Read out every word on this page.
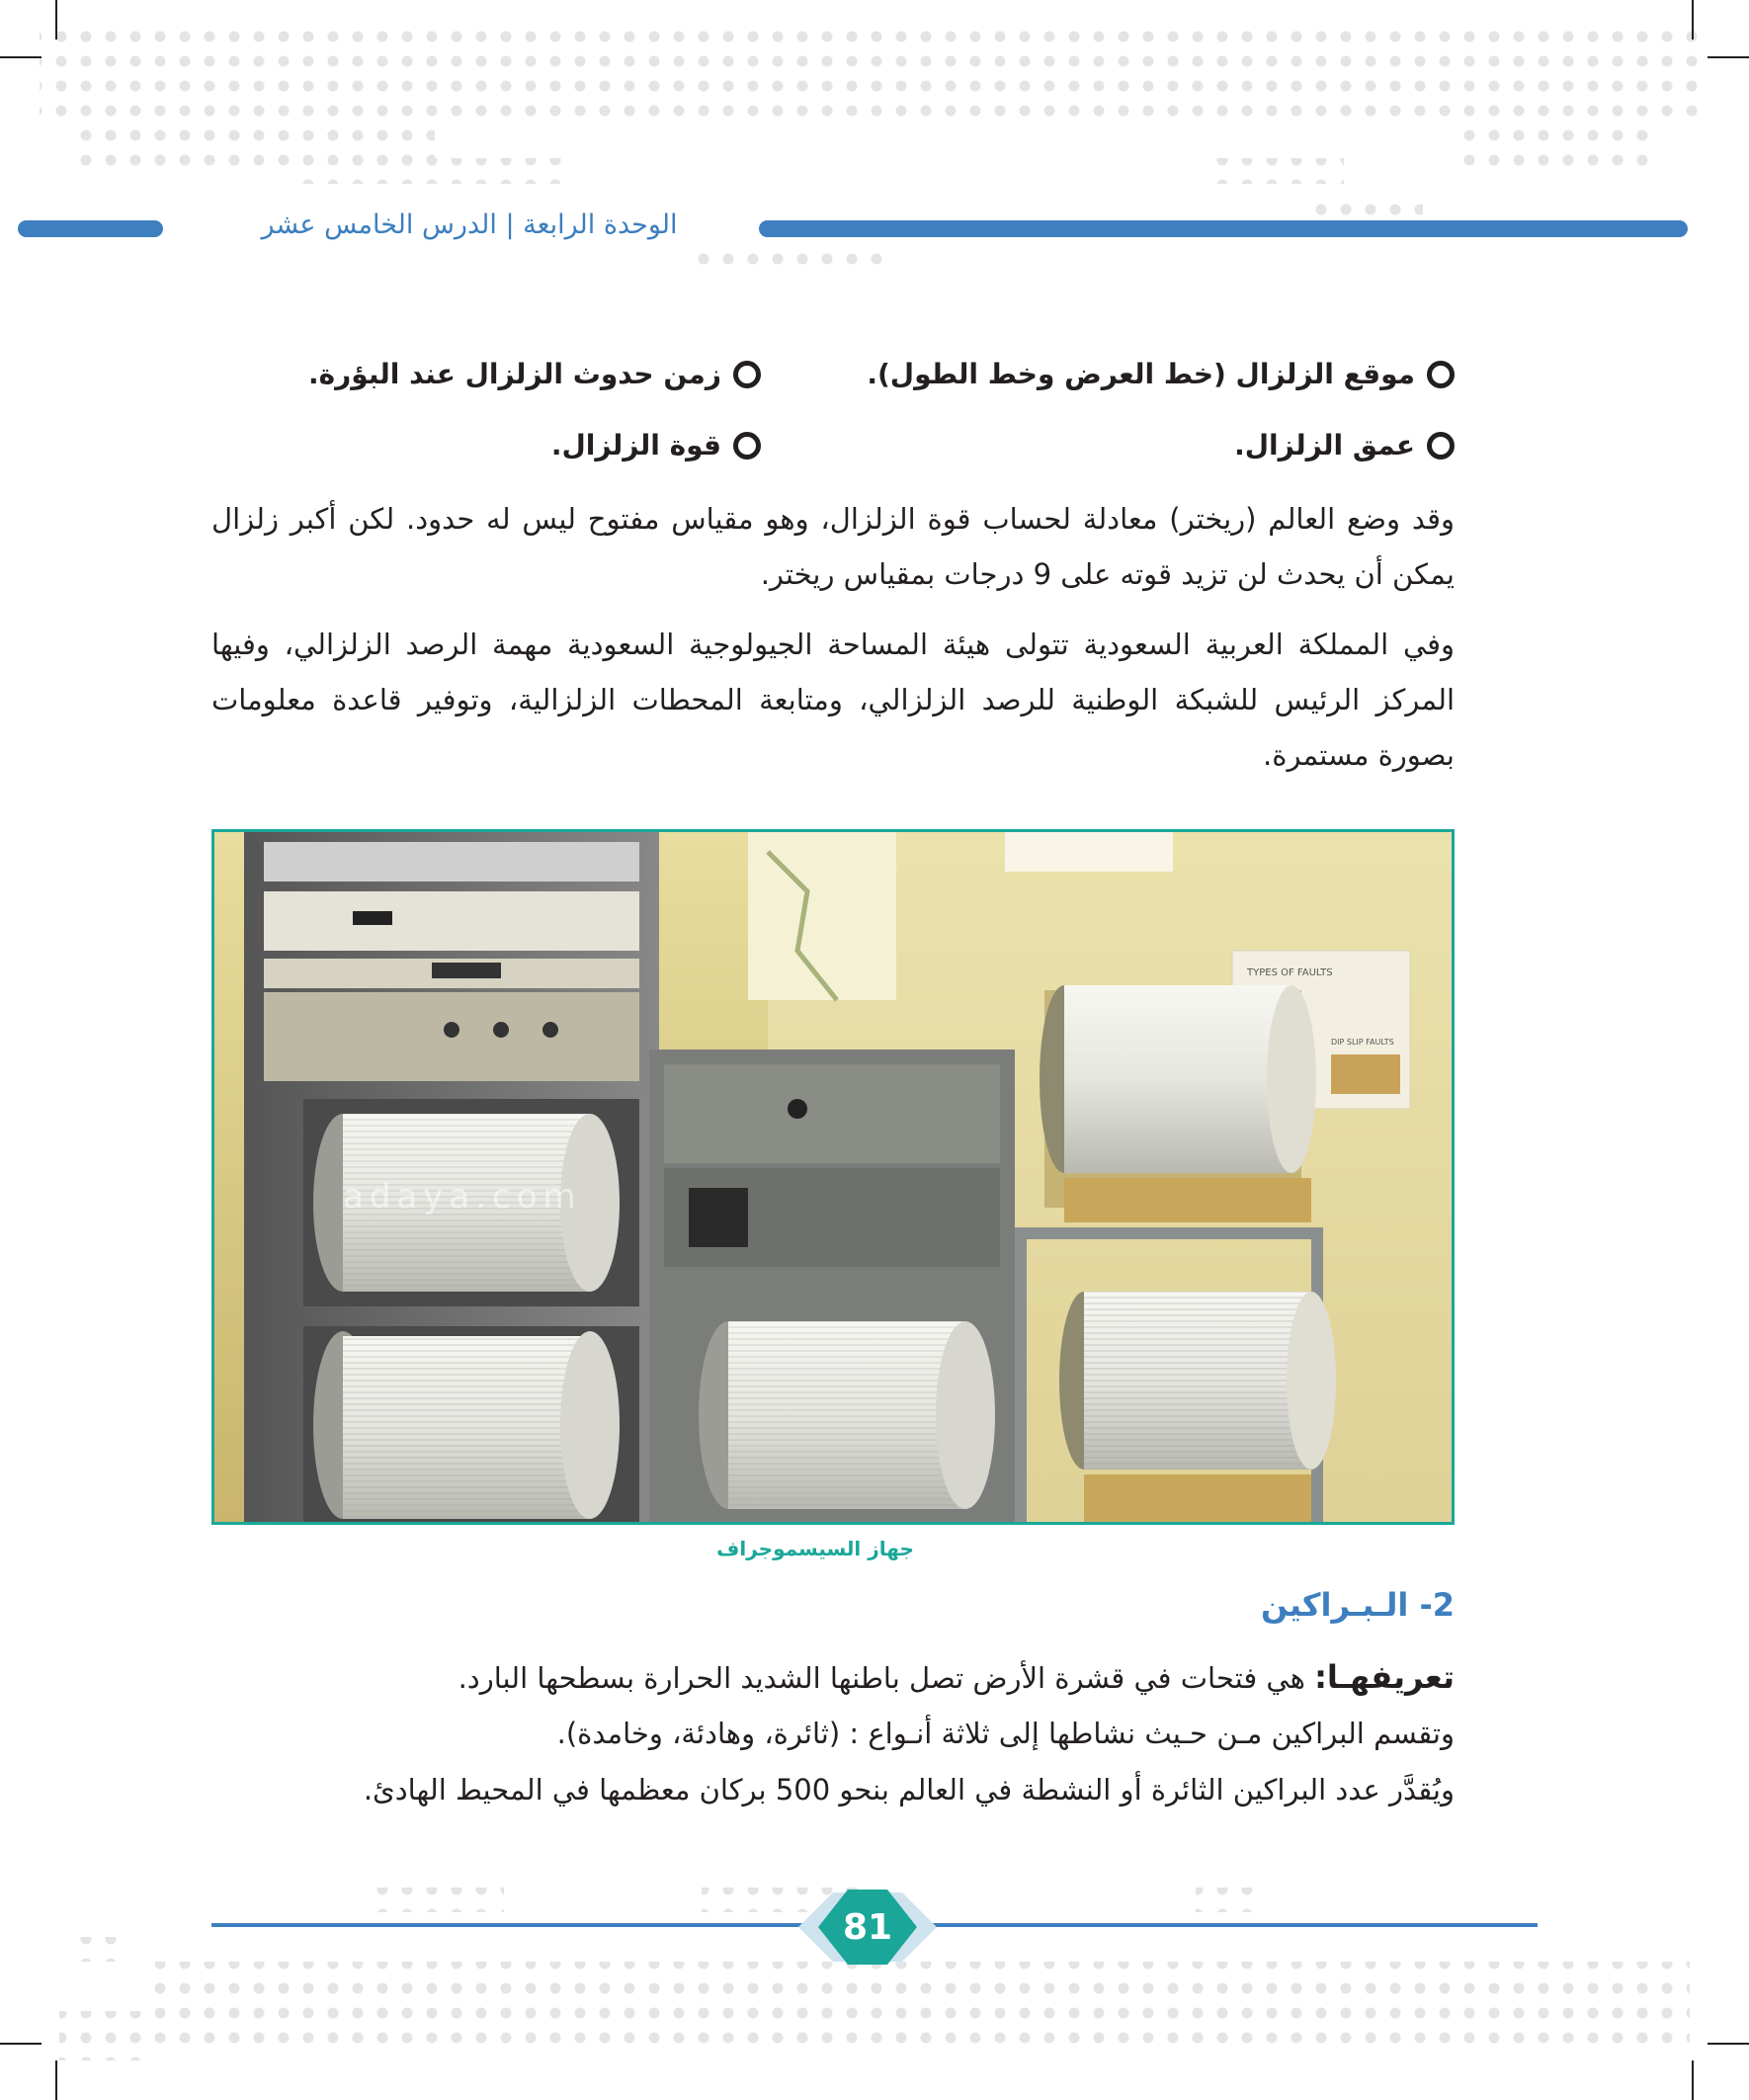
الوحدة الرابعة | الدرس الخامس عشر
موقع الزلزال (خط العرض وخط الطول).
زمن حدوث الزلزال عند البؤرة.
عمق الزلزال.
قوة الزلزال.
وقد وضع العالم (ريختر) معادلة لحساب قوة الزلزال، وهو مقياس مفتوح ليس له حدود. لكن أكبر زلزال يمكن أن يحدث لن تزيد قوته على 9 درجات بمقياس ريختر.
وفي المملكة العربية السعودية تتولى هيئة المساحة الجيولوجية السعودية مهمة الرصد الزلزالي، وفيها المركز الرئيس للشبكة الوطنية للرصد الزلزالي، ومتابعة المحطات الزلزالية، وتوفير قاعدة معلومات بصورة مستمرة.
TYPES OF FAULTS
DIP SLIP FAULTS
adaya.com
جهاز السيسموجراف
2- الـبـراكين
تعريفهـا: هي فتحات في قشرة الأرض تصل باطنها الشديد الحرارة بسطحها البارد.
وتقسم البراكين مـن حـيث نشاطها إلى ثلاثة أنـواع : (ثائرة، وهادئة، وخامدة).
ويُقدَّر عدد البراكين الثائرة أو النشطة في العالم بنحو 500 بركان معظمها في المحيط الهادئ.
81
